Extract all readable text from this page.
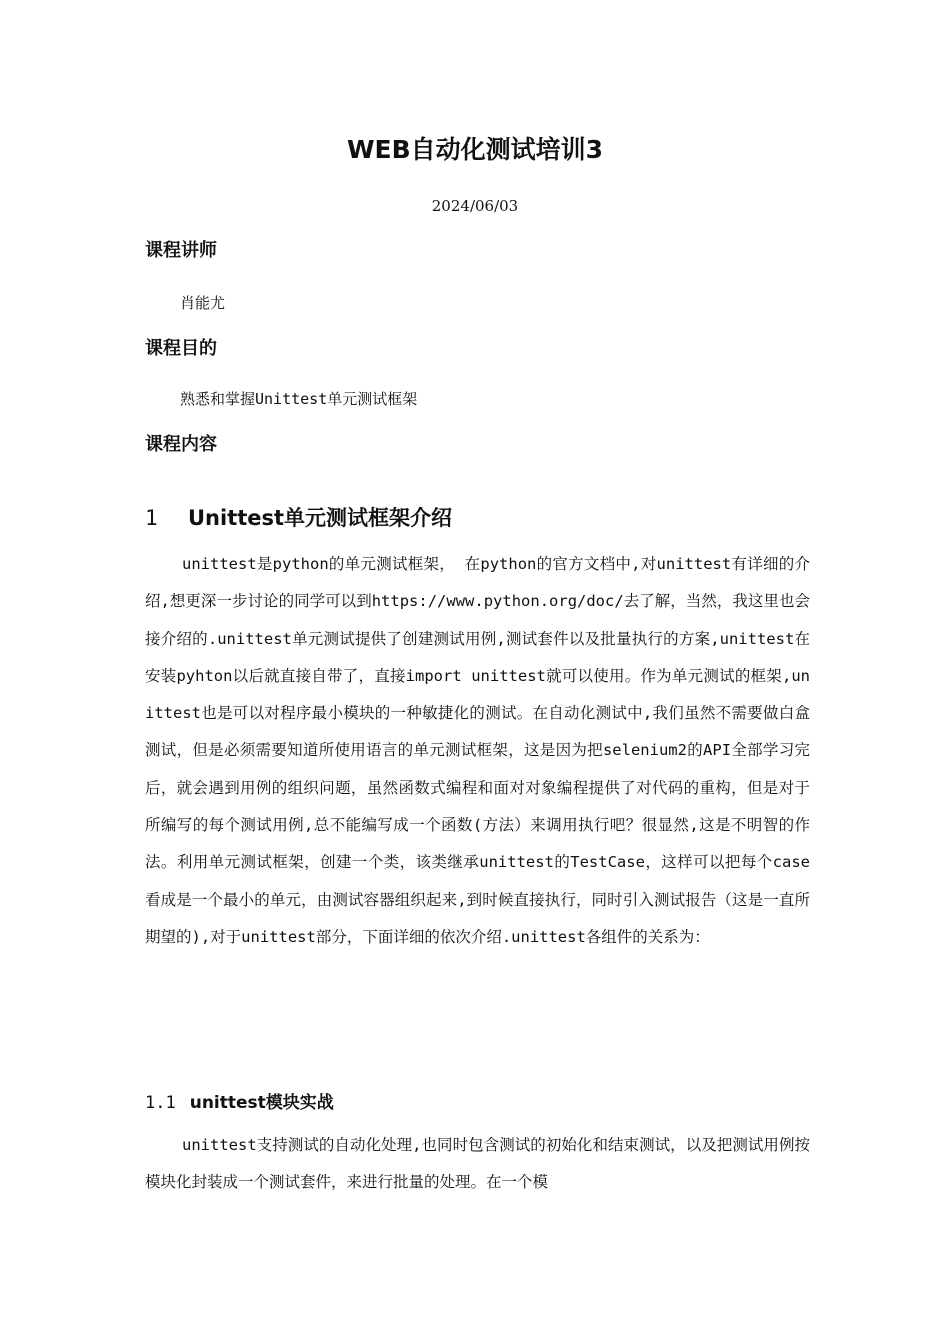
WEB自动化测试培训3
2024/06/03
课程讲师
肖能尤
课程目的
熟悉和掌握Unittest单元测试框架
课程内容
1 Unittest单元测试框架介绍

unittest是python的单元测试框架， 在python的官方文档中,对unittest有详细的介绍,想更深一步讨论的同学可以到https://www.python.org/doc/去了解，当然，我这里也会接介绍的.unittest单元测试提供了创建测试用例,测试套件以及批量执行的方案,unittest在安装pyhton以后就直接自带了，直接import unittest就可以使用。作为单元测试的框架,unittest也是可以对程序最小模块的一种敏捷化的测试。在自动化测试中,我们虽然不需要做白盒测试，但是必须需要知道所使用语言的单元测试框架，这是因为把selenium2的API全部学习完后，就会遇到用例的组织问题，虽然函数式编程和面对对象编程提供了对代码的重构，但是对于所编写的每个测试用例,总不能编写成一个函数(方法）来调用执行吧？很显然,这是不明智的作法。利用单元测试框架，创建一个类，该类继承unittest的TestCase，这样可以把每个case看成是一个最小的单元，由测试容器组织起来,到时候直接执行，同时引入测试报告（这是一直所期望的),对于unittest部分，下面详细的依次介绍.unittest各组件的关系为：

1.1 unittest模块实战

unittest支持测试的自动化处理,也同时包含测试的初始化和结束测试，以及把测试用例按模块化封装成一个测试套件，来进行批量的处理。在一个模
